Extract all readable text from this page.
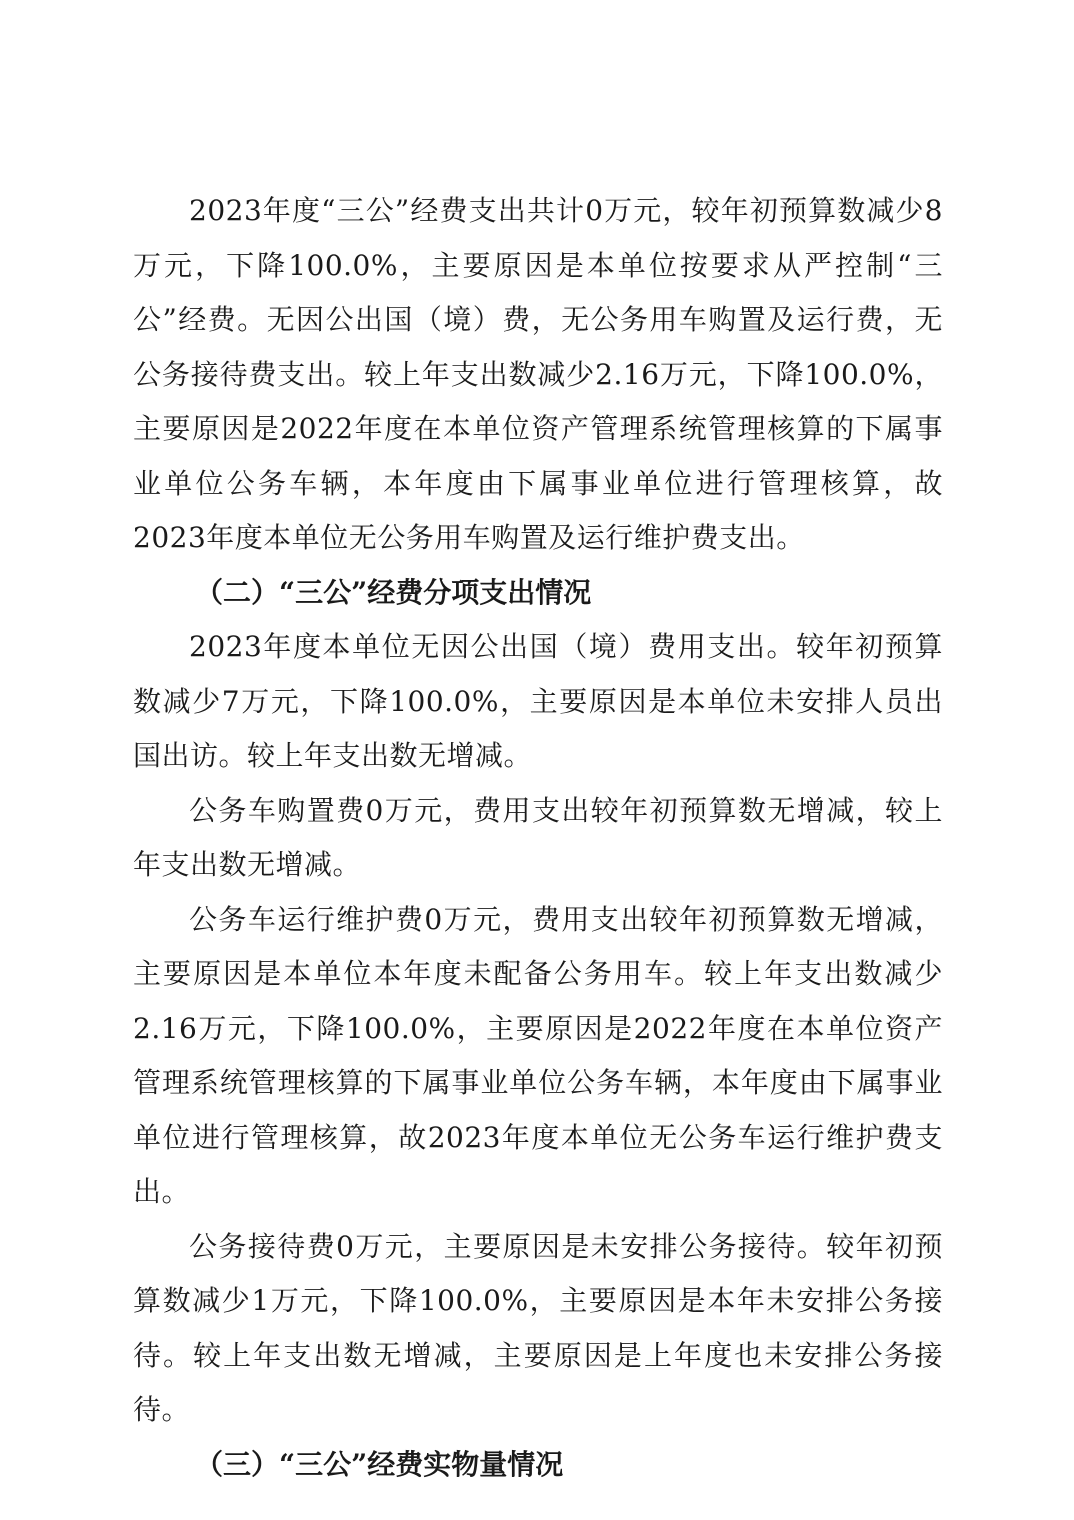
2023年度“三公”经费支出共计0万元，较年初预算数减少8万元，下降100.0%，主要原因是本单位按要求从严控制“三公”经费。无因公出国（境）费，无公务用车购置及运行费，无公务接待费支出。较上年支出数减少2.16万元，下降100.0%，主要原因是2022年度在本单位资产管理系统管理核算的下属事业单位公务车辆，本年度由下属事业单位进行管理核算，故2023年度本单位无公务用车购置及运行维护费支出。

（二）“三公”经费分项支出情况

2023年度本单位无因公出国（境）费用支出。较年初预算数减少7万元，下降100.0%，主要原因是本单位未安排人员出国出访。较上年支出数无增减。

公务车购置费0万元，费用支出较年初预算数无增减，较上年支出数无增减。

公务车运行维护费0万元，费用支出较年初预算数无增减，主要原因是本单位本年度未配备公务用车。较上年支出数减少2.16万元，下降100.0%，主要原因是2022年度在本单位资产管理系统管理核算的下属事业单位公务车辆，本年度由下属事业单位进行管理核算，故2023年度本单位无公务车运行维护费支出。

公务接待费0万元，主要原因是未安排公务接待。较年初预算数减少1万元，下降100.0%，主要原因是本年未安排公务接待。较上年支出数无增减，主要原因是上年度也未安排公务接待。

（三）“三公”经费实物量情况
